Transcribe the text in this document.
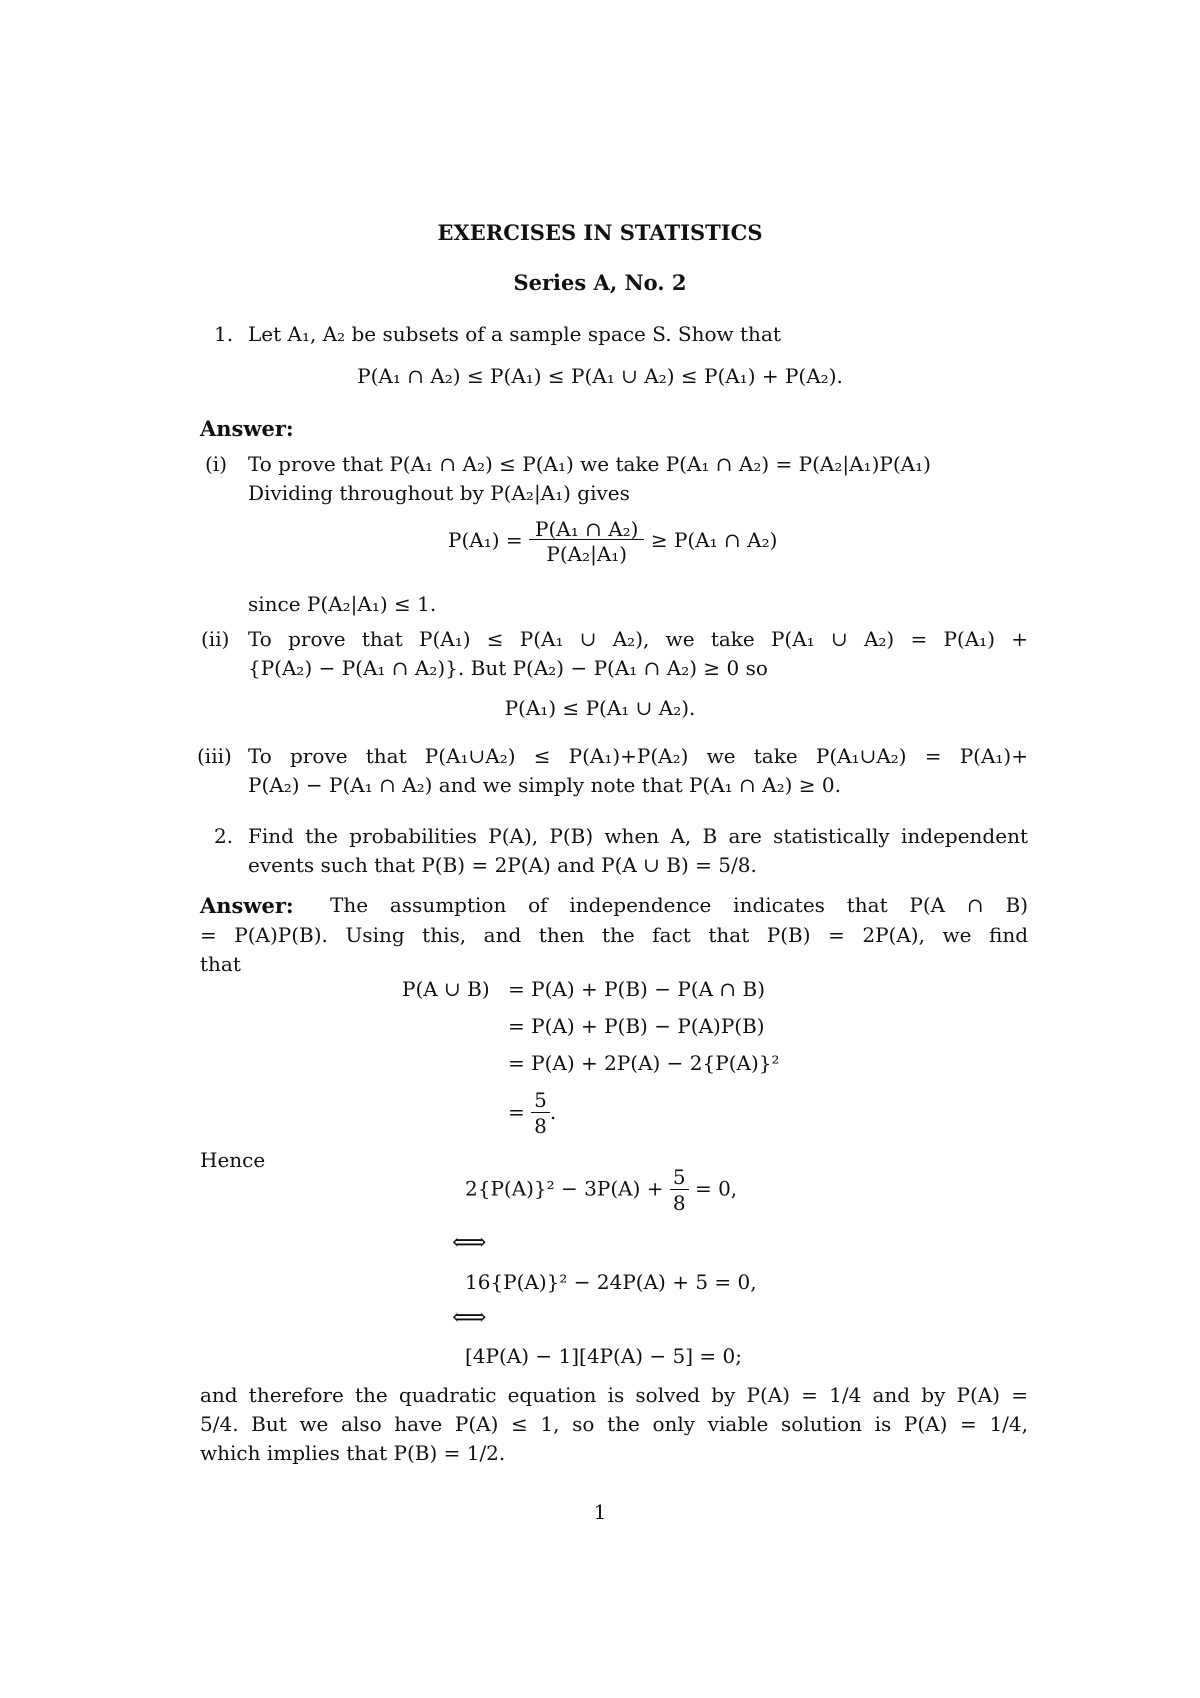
EXERCISES IN STATISTICS
Series A, No. 2
1. Let A₁, A₂ be subsets of a sample space S. Show that
P(A₁ ∩ A₂) ≤ P(A₁) ≤ P(A₁ ∪ A₂) ≤ P(A₁) + P(A₂).
Answer:
(i) To prove that P(A₁ ∩ A₂) ≤ P(A₁) we take P(A₁ ∩ A₂) = P(A₂|A₁)P(A₁)
Dividing throughout by P(A₂|A₁) gives
$P(A_1) = \frac{\text{P(A₁ ∩ A₂)}}{\text{P(A₂|A₁)}} \ge P(A_1$ ∩ A₂)
since P(A₂|A₁) ≤ 1.
(ii) To prove that P(A₁) ≤ P(A₁ ∪ A₂), we take P(A₁ ∪ A₂) = P(A₁) +
{P(A₂) − P(A₁ ∩ A₂)}. But P(A₂) − P(A₁ ∩ A₂) ≥ 0 so
P(A₁) ≤ P(A₁ ∪ A₂).
(iii) To prove that P(A₁∪A₂) ≤ P(A₁)+P(A₂) we take P(A₁∪A₂) = P(A₁)+
P(A₂) − P(A₁ ∩ A₂) and we simply note that P(A₁ ∩ A₂) ≥ 0.
2. Find the probabilities P(A), P(B) when A, B are statistically independent
events such that P(B) = 2P(A) and P(A ∪ B) = 5/8.
Answer: The assumption of independence indicates that P(A ∩ B)
= P(A)P(B). Using this, and then the fact that P(B) = 2P(A), we find
that
P(A ∪ B) = P(A) + P(B) − P(A ∩ B)
= P(A) + P(B) − P(A)P(B)
= P(A) + 2P(A) − 2{P(A)}²
= $\frac{5}{8}$ .
Hence
$2\{P(A)\}^2 - 3P(A) + \frac{5}{8} = 0$,
⟺
16{P(A)}² − 24P(A) + 5 = 0,
⟺
[4P(A) − 1][4P(A) − 5] = 0;
and therefore the quadratic equation is solved by P(A) = 1/4 and by P(A) =
5/4. But we also have P(A) ≤ 1, so the only viable solution is P(A) = 1/4,
which implies that P(B) = 1/2.
1
